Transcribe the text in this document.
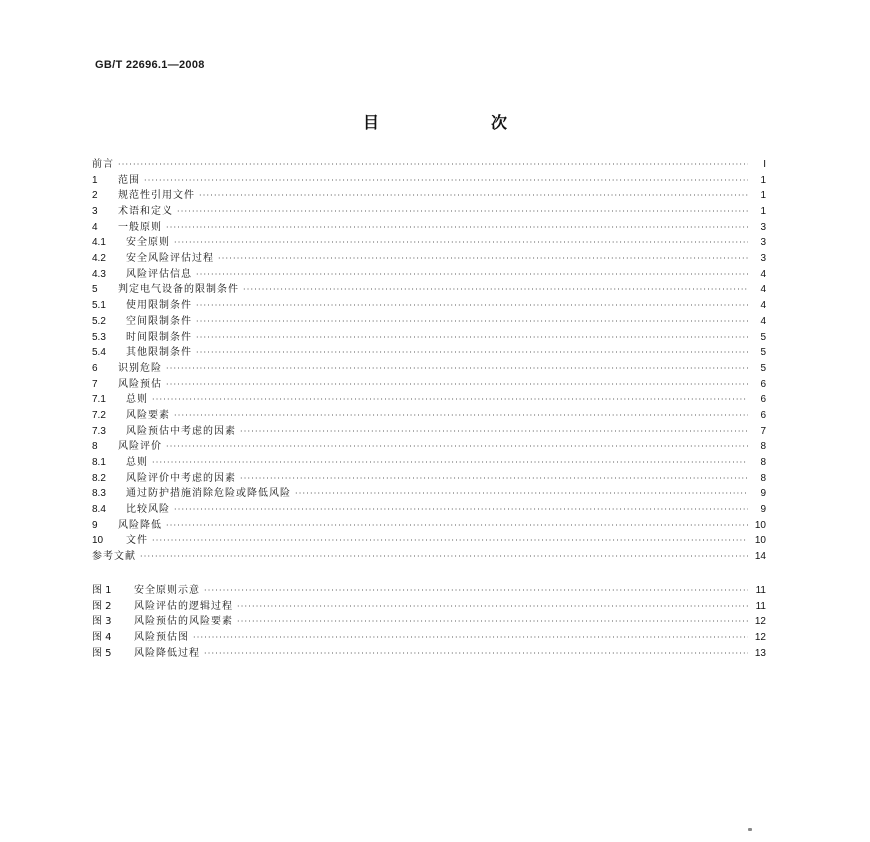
GB/T 22696.1—2008
目　次
前言 ·····	I
1	范围 ·····	1
2	规范性引用文件 ·····	1
3	术语和定义 ·····	1
4	一般原则 ·····	3
4.1	安全原则 ·····	3
4.2	安全风险评估过程 ·····	3
4.3	风险评估信息 ·····	4
5	判定电气设备的限制条件 ·····	4
5.1	使用限制条件 ·····	4
5.2	空间限制条件 ·····	4
5.3	时间限制条件 ·····	5
5.4	其他限制条件 ·····	5
6	识别危险 ·····	5
7	风险预估 ·····	6
7.1	总则 ·····	6
7.2	风险要素 ·····	6
7.3	风险预估中考虑的因素 ·····	7
8	风险评价 ·····	8
8.1	总则 ·····	8
8.2	风险评价中考虑的因素 ·····	8
8.3	通过防护措施消除危险或降低风险 ·····	9
8.4	比较风险 ·····	9
9	风险降低 ·····	10
10	文件 ·····	10
参考文献 ·····	14
图 1	安全原则示意 ·····	11
图 2	风险评估的逻辑过程 ·····	11
图 3	风险预估的风险要素 ·····	12
图 4	风险预估图 ·····	12
图 5	风险降低过程 ·····	13
